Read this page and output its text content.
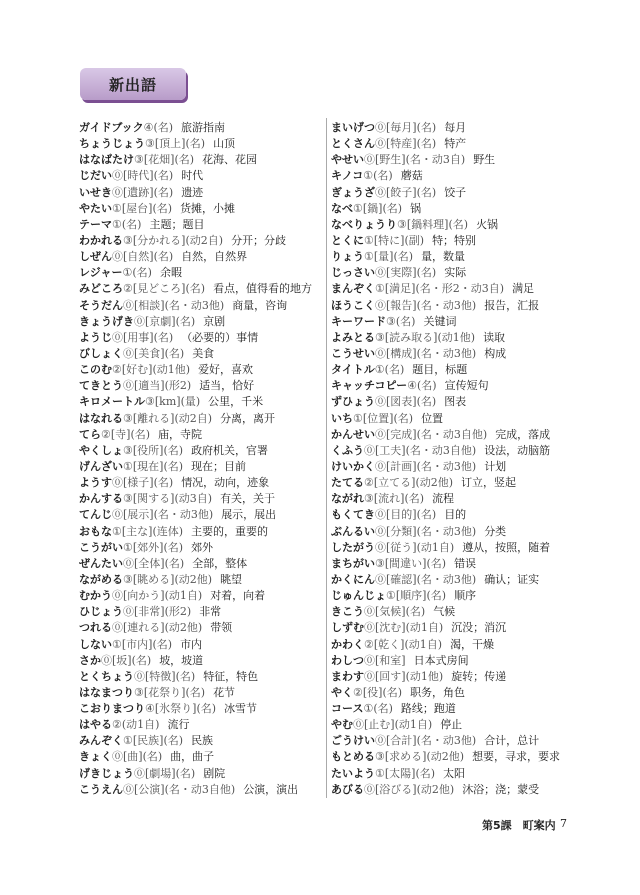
新出語
ガイドブック④(名) 旅游指南
ちょうじょう③[頂上](名) 山顶
はなばたけ③[花畑](名) 花海、花园
じだい⓪[時代](名) 时代
いせき⓪[遺跡](名) 遗迹
やたい①[屋台](名) 货摊，小摊
テーマ①(名) 主题；题目
わかれる③[分かれる](动2自) 分开；分歧
しぜん⓪[自然](名) 自然，自然界
レジャー①(名) 余暇
みどころ②[見どころ](名) 看点，值得看的地方
そうだん⓪[相談](名・动3他) 商量，咨询
きょうげき⓪[京劇](名) 京剧
ようじ⓪[用事](名) （必要的）事情
びしょく⓪[美食](名) 美食
このむ②[好む](动1他) 爱好，喜欢
てきとう⓪[適当](形2) 适当，恰好
キロメートル③[km](量) 公里，千米
はなれる③[離れる](动2自) 分离，离开
てら②[寺](名) 庙，寺院
やくしょ③[役所](名) 政府机关，官署
げんざい①[現在](名) 现在；目前
ようす⓪[様子](名) 情况，动向，迹象
かんする③[関する](动3自) 有关，关于
てんじ⓪[展示](名・动3他) 展示，展出
おもな①[主な](连体) 主要的，重要的
こうがい①[郊外](名) 郊外
ぜんたい⓪[全体](名) 全部，整体
ながめる③[眺める](动2他) 眺望
むかう⓪[向かう](动1自) 对着，向着
ひじょう⓪[非常](形2) 非常
つれる⓪[連れる](动2他) 带领
しない①[市内](名) 市内
さか⓪[坂](名) 坡，坡道
とくちょう⓪[特徴](名) 特征，特色
はなまつり③[花祭り](名) 花节
こおりまつり④[氷祭り](名) 冰雪节
はやる②(动1自) 流行
みんぞく①[民族](名) 民族
きょく⓪[曲](名) 曲，曲子
げきじょう⓪[劇場](名) 剧院
こうえん⓪[公演](名・动3自他) 公演，演出
まいげつ⓪[毎月](名) 每月
とくさん⓪[特産](名) 特产
やせい⓪[野生](名・动3自) 野生
キノコ①(名) 蘑菇
ぎょうざ⓪[餃子](名) 饺子
なべ①[鍋](名) 锅
なべりょうり③[鍋料理](名) 火锅
とくに①[特に](副) 特；特别
りょう①[量](名) 量，数量
じっさい⓪[実際](名) 实际
まんぞく①[満足](名・形2・动3自) 满足
ほうこく⓪[報告](名・动3他) 报告，汇报
キーワード③(名) 关键词
よみとる③[読み取る](动1他) 读取
こうせい⓪[構成](名・动3他) 构成
タイトル①(名) 题目，标题
キャッチコピー④(名) 宣传短句
ずひょう⓪[図表](名) 图表
いち①[位置](名) 位置
かんせい⓪[完成](名・动3自他) 完成，落成
くふう⓪[工夫](名・动3自他) 设法，动脑筋
けいかく⓪[計画](名・动3他) 计划
たてる②[立てる](动2他) 订立，竖起
ながれ③[流れ](名) 流程
もくてき⓪[目的](名) 目的
ぶんるい⓪[分類](名・动3他) 分类
したがう⓪[従う](动1自) 遵从，按照，随着
まちがい③[間違い](名) 错误
かくにん⓪[確認](名・动3他) 确认；证实
じゅんじょ①[順序](名) 顺序
きこう⓪[気候](名) 气候
しずむ⓪[沈む](动1自) 沉没；消沉
かわく②[乾く](动1自) 渴，干燥
わしつ⓪[和室] 日本式房间
まわす⓪[回す](动1他) 旋转；传递
やく②[役](名) 职务，角色
コース①(名) 路线；跑道
やむ⓪[止む](动1自) 停止
ごうけい⓪[合計](名・动3他) 合计，总计
もとめる③[求める](动2他) 想要，寻求，要求
たいよう①[太陽](名) 太阳
あびる⓪[浴びる](动2他) 沐浴；浇；蒙受
第5課　町案内 7
